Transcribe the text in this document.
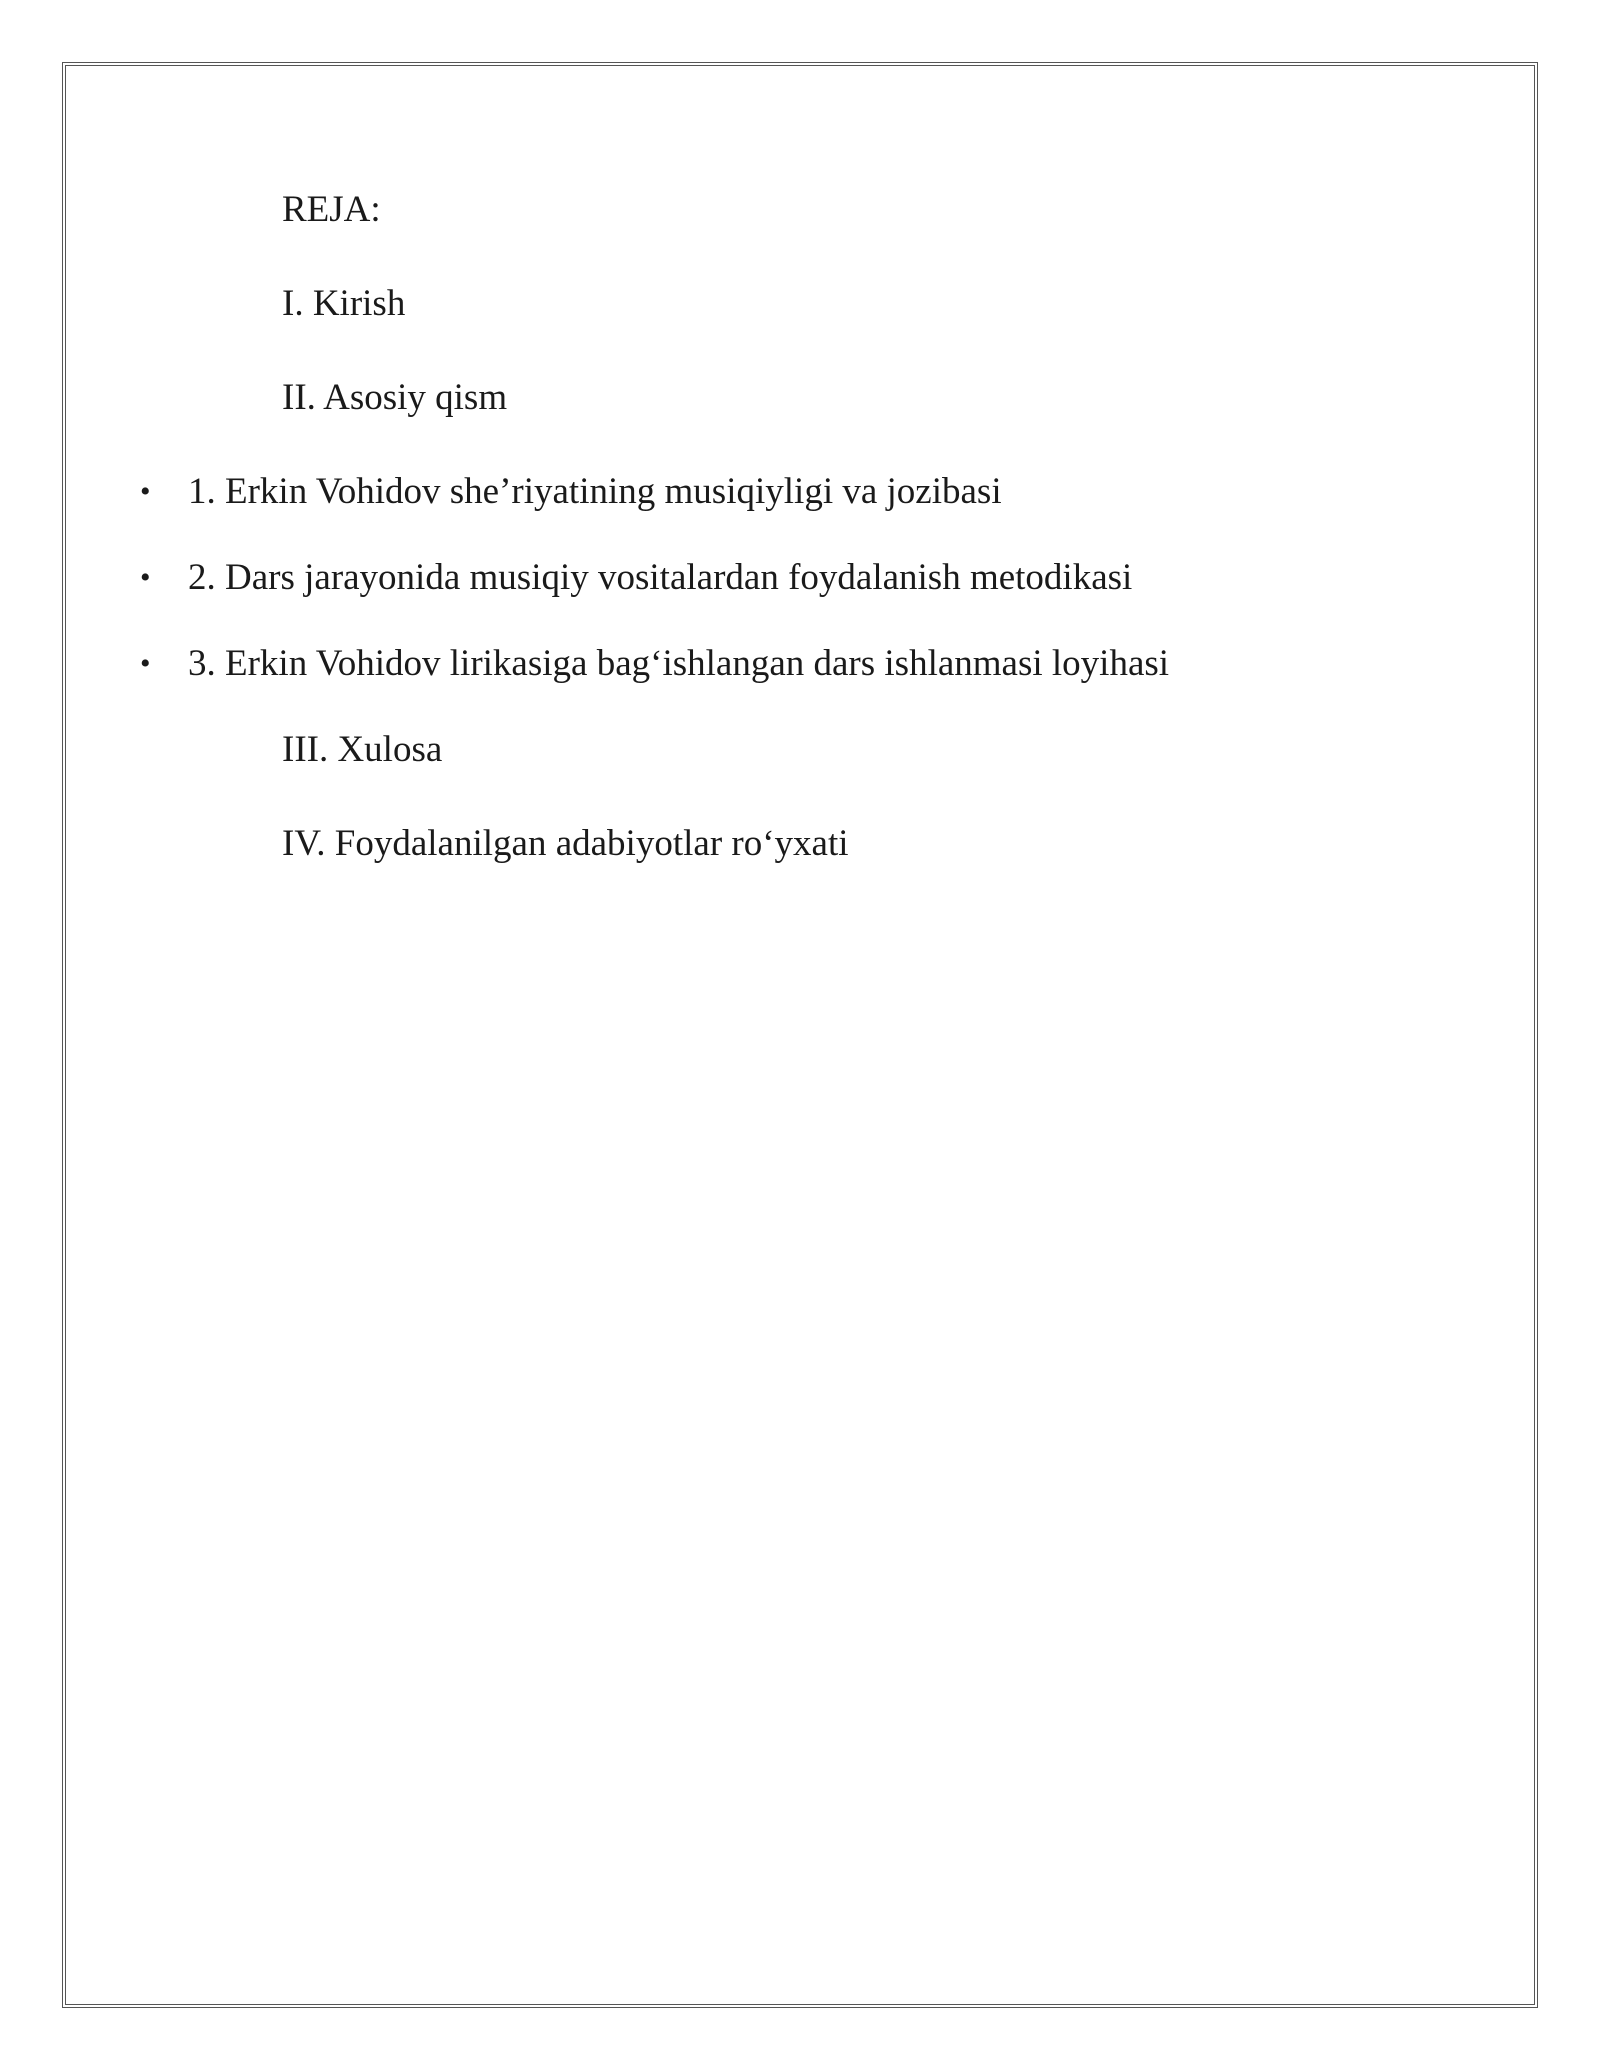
REJA:
I. Kirish
II. Asosiy qism
• 1. Erkin Vohidov she’riyatining musiqiyligi va jozibasi
• 2. Dars jarayonida musiqiy vositalardan foydalanish metodikasi
• 3. Erkin Vohidov lirikasiga bag‘ishlangan dars ishlanmasi loyihasi
III. Xulosa
IV. Foydalanilgan adabiyotlar ro‘yxati
